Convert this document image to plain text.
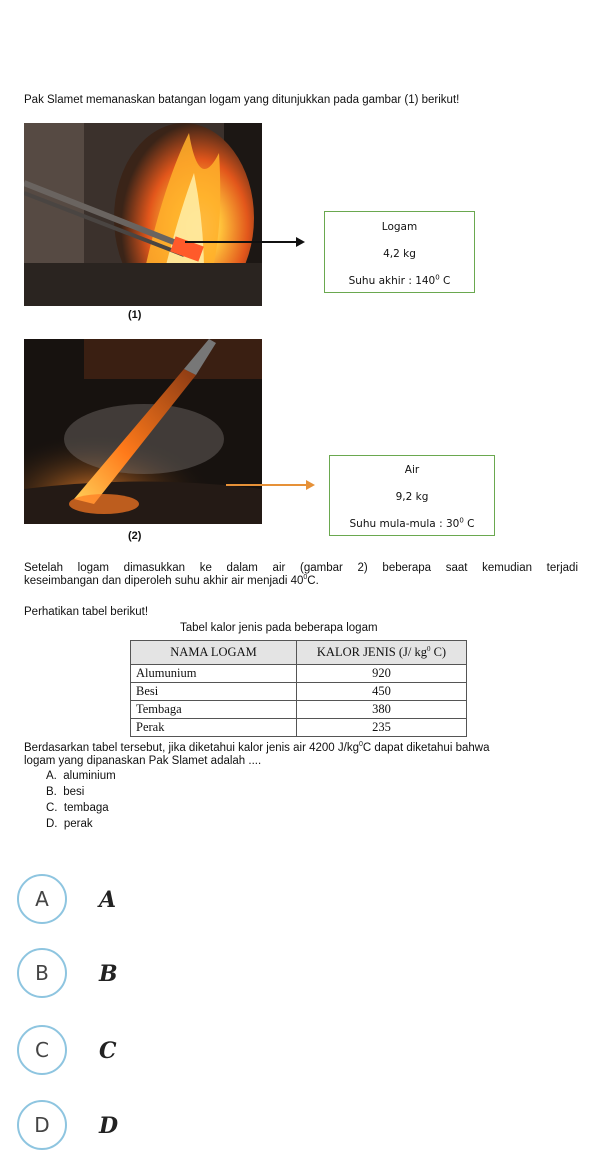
Pak Slamet memanaskan batangan logam yang ditunjukkan pada gambar (1) berikut!
(1)
Logam
4,2 kg
Suhu akhir : $140^0$ C
(2)
Air
9,2 kg
Suhu mula-mula : $30^0$ C
Setelah logam dimasukkan ke dalam air (gambar 2) beberapa saat kemudian terjadi
keseimbangan dan diperoleh suhu akhir air menjadi $40^0C$.
Perhatikan tabel berikut!
Tabel kalor jenis pada beberapa logam
NAMA LOGAM	KALOR JENIS (J/ $kg^0$ C)
Alumunium	920
Besi	450
Tembaga	380
Perak	235
Berdasarkan tabel tersebut, jika diketahui kalor jenis air 4200 $J/kg^0C$ dapat diketahui bahwa
logam yang dipanaskan Pak Slamet adalah ....
A. aluminium
B. besi
C. tembaga
D. perak
A	A
B	B
C	C
D	D
